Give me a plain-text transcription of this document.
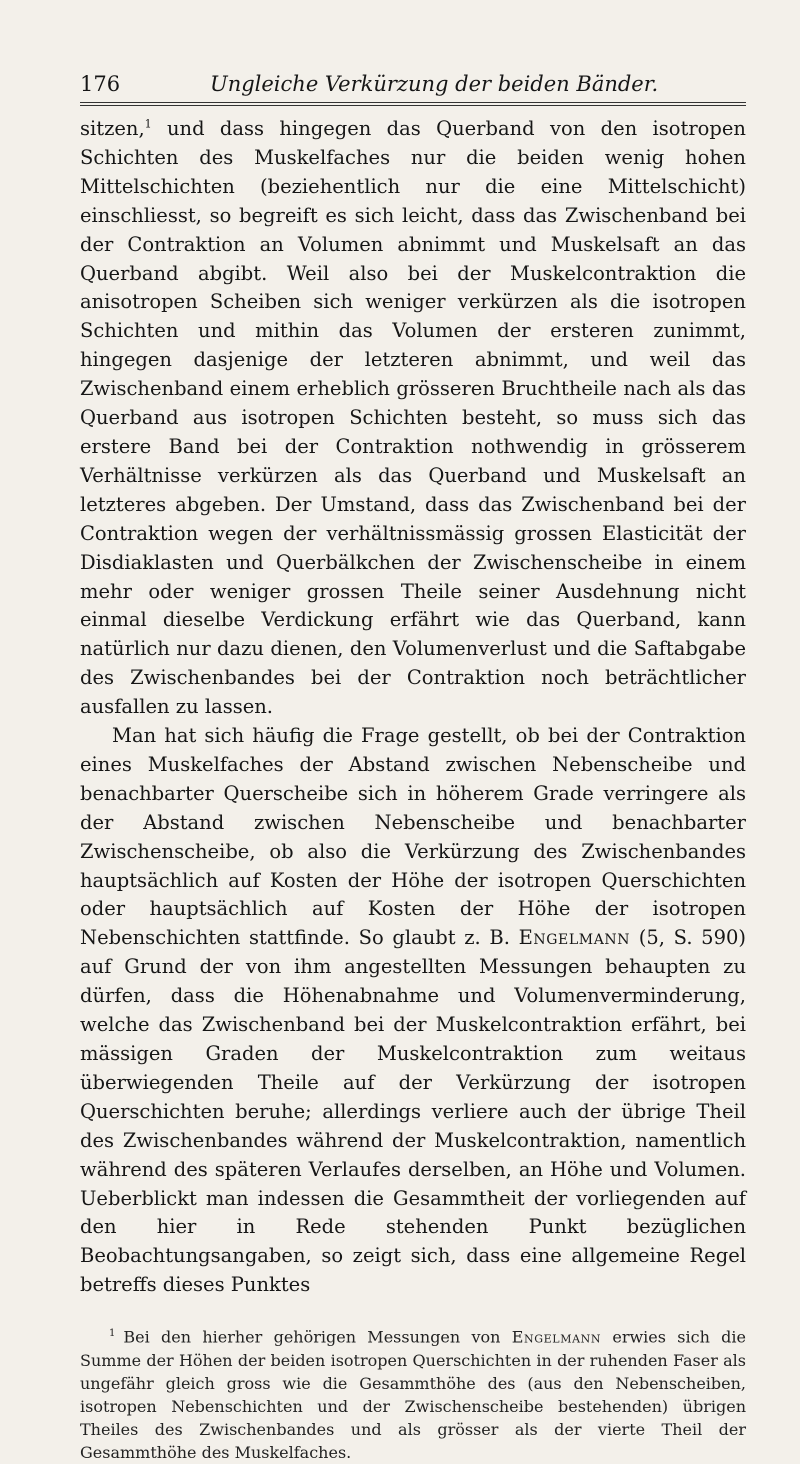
176	Ungleiche Verkürzung der beiden Bänder.

sitzen,$^1$ und dass hingegen das Querband von den isotropen Schichten des Muskelfaches nur die beiden wenig hohen Mittelschichten (beziehentlich nur die eine Mittelschicht) einschliesst, so begreift es sich leicht, dass das Zwischenband bei der Contraktion an Volumen abnimmt und Muskelsaft an das Querband abgibt. Weil also bei der Muskelcontraktion die anisotropen Scheiben sich weniger verkürzen als die isotropen Schichten und mithin das Volumen der ersteren zunimmt, hingegen dasjenige der letzteren abnimmt, und weil das Zwischenband einem erheblich grösseren Bruchtheile nach als das Querband aus isotropen Schichten besteht, so muss sich das erstere Band bei der Contraktion nothwendig in grösserem Verhältnisse verkürzen als das Querband und Muskelsaft an letzteres abgeben. Der Umstand, dass das Zwischenband bei der Contraktion wegen der verhältnissmässig grossen Elasticität der Disdiaklasten und Querbälkchen der Zwischenscheibe in einem mehr oder weniger grossen Theile seiner Ausdehnung nicht einmal dieselbe Verdickung erfährt wie das Querband, kann natürlich nur dazu dienen, den Volumenverlust und die Saftabgabe des Zwischenbandes bei der Contraktion noch beträchtlicher ausfallen zu lassen.

Man hat sich häufig die Frage gestellt, ob bei der Contraktion eines Muskelfaches der Abstand zwischen Nebenscheibe und benachbarter Querscheibe sich in höherem Grade verringere als der Abstand zwischen Nebenscheibe und benachbarter Zwischenscheibe, ob also die Verkürzung des Zwischenbandes hauptsächlich auf Kosten der Höhe der isotropen Querschichten oder hauptsächlich auf Kosten der Höhe der isotropen Nebenschichten stattfinde. So glaubt z. B. Engelmann (5, S. 590) auf Grund der von ihm angestellten Messungen behaupten zu dürfen, dass die Höhenabnahme und Volumenverminderung, welche das Zwischenband bei der Muskelcontraktion erfährt, bei mässigen Graden der Muskelcontraktion zum weitaus überwiegenden Theile auf der Verkürzung der isotropen Querschichten beruhe; allerdings verliere auch der übrige Theil des Zwischenbandes während der Muskelcontraktion, namentlich während des späteren Verlaufes derselben, an Höhe und Volumen. Ueberblickt man indessen die Gesammtheit der vorliegenden auf den hier in Rede stehenden Punkt bezüglichen Beobachtungsangaben, so zeigt sich, dass eine allgemeine Regel betreffs dieses Punktes

$^1$ Bei den hierher gehörigen Messungen von Engelmann erwies sich die Summe der Höhen der beiden isotropen Querschichten in der ruhenden Faser als ungefähr gleich gross wie die Gesammthöhe des (aus den Nebenscheiben, isotropen Nebenschichten und der Zwischenscheibe bestehenden) übrigen Theiles des Zwischenbandes und als grösser als der vierte Theil der Gesammthöhe des Muskelfaches.
